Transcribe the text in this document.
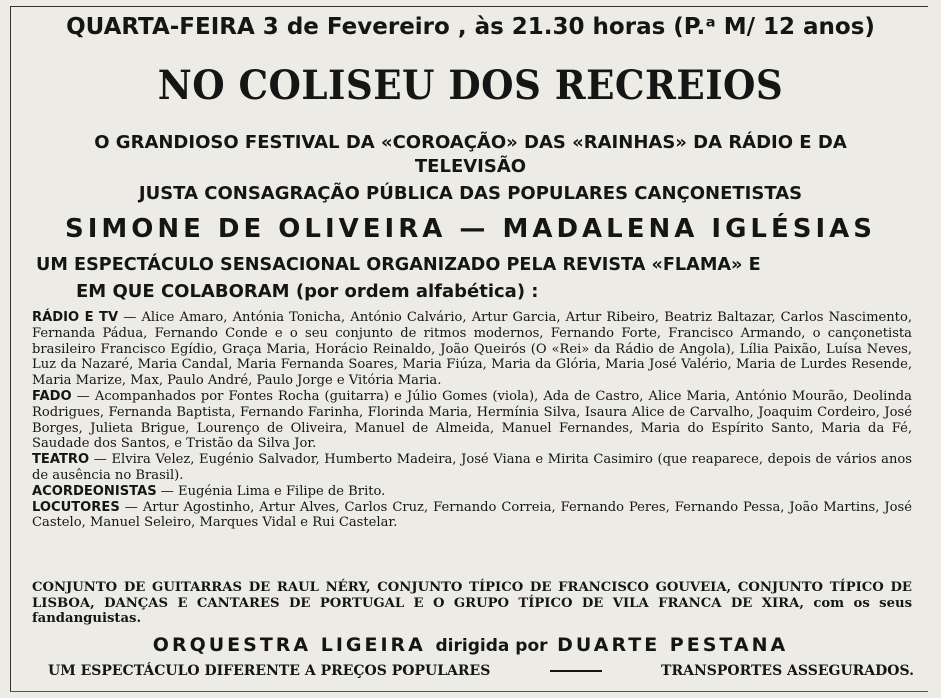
QUARTA-FEIRA 3 de Fevereiro , às 21.30 horas (P.ᵃ M/ 12 anos)
NO COLISEU DOS RECREIOS
O GRANDIOSO FESTIVAL DA «COROAÇÃO» DAS «RAINHAS» DA RÁDIO E DA
TELEVISÃO
JUSTA CONSAGRAÇÃO PÚBLICA DAS POPULARES CANÇONETISTAS
SIMONE DE OLIVEIRA — MADALENA IGLÉSIAS
UM ESPECTÁCULO SENSACIONAL ORGANIZADO PELA REVISTA «FLAMA» E
EM QUE COLABORAM (por ordem alfabética) :

RÁDIO E TV — Alice Amaro, Antónia Tonicha, António Calvário, Artur Garcia, Artur Ribeiro, Beatriz Baltazar, Carlos Nascimento, Fernanda Pádua, Fernando Conde e o seu conjunto de ritmos modernos, Fernando Forte, Francisco Armando, o cançonetista brasileiro Francisco Egídio, Graça Maria, Horácio Reinaldo, João Queirós (O «Rei» da Rádio de Angola), Lília Paixão, Luísa Neves, Luz da Nazaré, Maria Candal, Maria Fernanda Soares, Maria Fiúza, Maria da Glória, Maria José Valério, Maria de Lurdes Resende, Maria Marize, Max, Paulo André, Paulo Jorge e Vitória Maria.

FADO — Acompanhados por Fontes Rocha (guitarra) e Júlio Gomes (viola), Ada de Castro, Alice Maria, António Mourão, Deolinda Rodrigues, Fernanda Baptista, Fernando Farinha, Florinda Maria, Hermínia Silva, Isaura Alice de Carvalho, Joaquim Cordeiro, José Borges, Julieta Brigue, Lourenço de Oliveira, Manuel de Almeida, Manuel Fernandes, Maria do Espírito Santo, Maria da Fé, Saudade dos Santos, e Tristão da Silva Jor.

TEATRO — Elvira Velez, Eugénio Salvador, Humberto Madeira, José Viana e Mirita Casimiro (que reaparece, depois de vários anos de ausência no Brasil).

ACORDEONISTAS — Eugénia Lima e Filipe de Brito.

LOCUTORES — Artur Agostinho, Artur Alves, Carlos Cruz, Fernando Correia, Fernando Peres, Fernando Pessa, João Martins, José Castelo, Manuel Seleiro, Marques Vidal e Rui Castelar.

CONJUNTO DE GUITARRAS DE RAUL NÉRY, CONJUNTO TÍPICO DE FRANCISCO GOUVEIA, CONJUNTO TÍPICO DE LISBOA, DANÇAS E CANTARES DE PORTUGAL E O GRUPO TÍPICO DE VILA FRANCA DE XIRA, com os seus fandanguistas.
ORQUESTRA LIGEIRA dirigida por DUARTE PESTANA
UM ESPECTÁCULO DIFERENTE A PREÇOS POPULARES	TRANSPORTES ASSEGURADOS.
